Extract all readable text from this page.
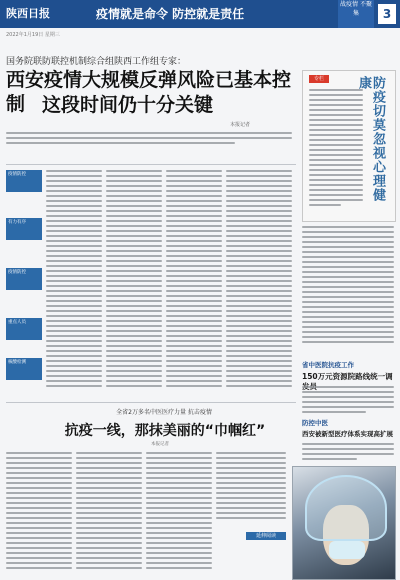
陕西日报	疫情就是命令 防控就是责任
战疫情 不聚集	3
2022年1月19日 星期三
国务院联防联控机制综合组陕西工作组专家：
西安疫情大规模反弹风险已基本控制 这段时间仍十分关键
本报记者
专栏	防疫切莫忽视心理健康
疫情防控
有力有序
疫情防控
重点人员
核酸检测	省中医院抗疫工作
150万元资源院路线统一调
防控中医
西安被新型医疗体系实现高扩展
全省2万多名中医医疗力量 抗击疫情
抗疫一线，那抹美丽的“巾帼红”
本报记者
延伸阅读
